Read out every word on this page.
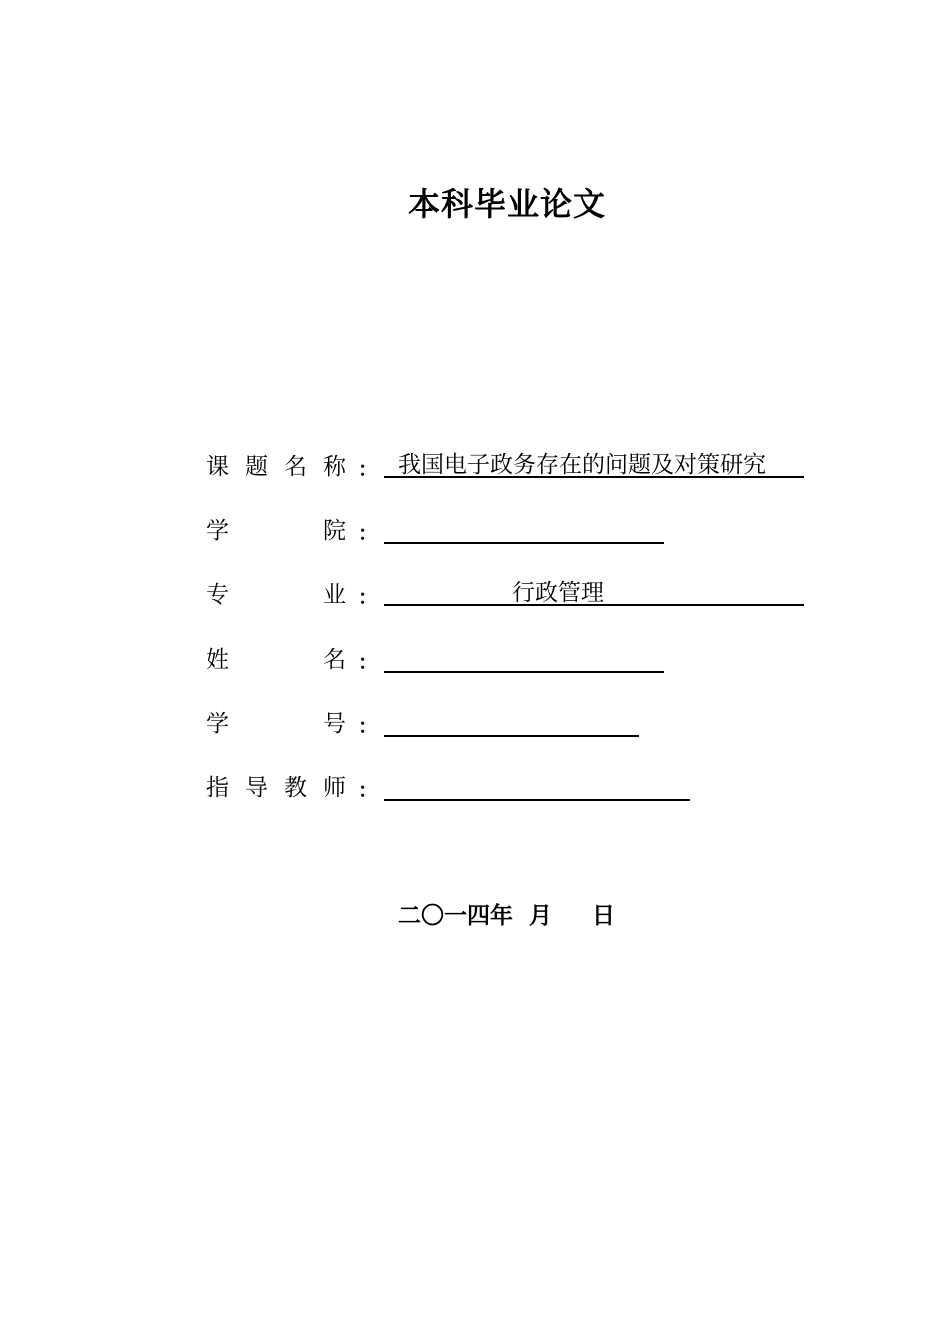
本科毕业论文
课 题 名 称 ： 我国电子政务存在的问题及对策研究
学	院 ：
专	业 ：	行政管理
姓	名 ：
学	号 ：
指 导 教 师 ：
二〇一四年  月     日
